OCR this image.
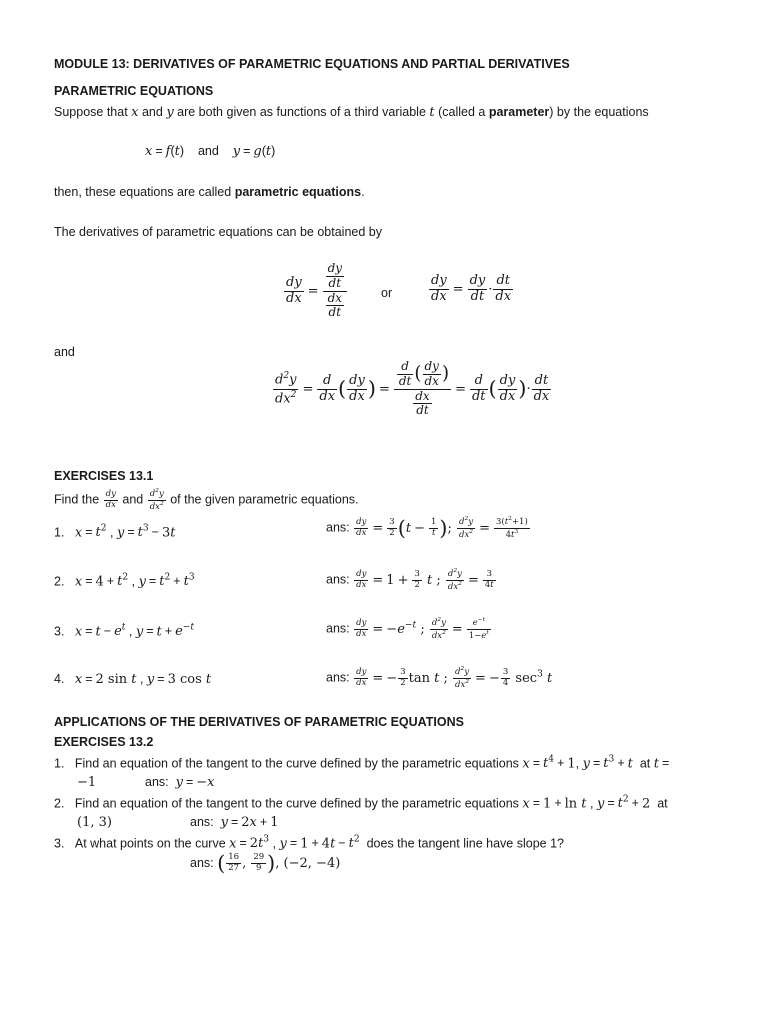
MODULE 13: DERIVATIVES OF PARAMETRIC EQUATIONS AND PARTIAL DERIVATIVES
PARAMETRIC EQUATIONS
Suppose that x and y are both given as functions of a third variable t (called a parameter) by the equations
x = f(t) and y = g(t)
then, these equations are called parametric equations.
The derivatives of parametric equations can be obtained by
$\frac{dy}{dx} = \frac{\frac{dy}{dt}}{\frac{dx}{dt}}$	or	$\frac{dy}{dx} = \frac{dy}{dt} \cdot \frac{dt}{dx}$
and
$\frac{d^2y}{dx^2} = \frac{d}{dx}$ ( $\frac{dy}{dx}$ ) = $\frac{\frac{d}{dt} ( \frac{dy}{dx} )}{\frac{dx}{dt}} = \frac{d}{dt}$ ( $\frac{dy}{dx}$ )· $\frac{dt}{dx}$
EXERCISES 13.1
Find the $\frac{dy}{dx}$ and $\frac{d^2y}{dx^2}$ of the given parametric equations.
1. $x = t^2$ , $y = t^3 - 3t$	ans: $\frac{dy}{dx} = \frac{3}{2} (t - \frac{1}{t}$ ); $\frac{d^2y}{dx^2} = \frac{3(t^2+1)}{4t^3}$
2. $x = 4 + t^2$ , $y = t^2 + t^3$	ans: $\frac{dy}{dx} = 1 + \frac{3}{2}$ t ; $\frac{d^2y}{dx^2} = \frac{3}{4t}$
3. $x = t - e^t$ , $y = t + e^{-t}$	ans: $\frac{dy}{dx} = -e^{-t}$ ; $\frac{d^2y}{dx^2} = \frac{e^{-t}}{1-e^t}$
4. x = 2 sin t , y = 3 cos t	ans: $\frac{dy}{dx}$ = − $\frac{3}{2}$ tan t ; $\frac{d^2y}{dx^2}$ = − $\frac{3}{4} \sec^3 t$
APPLICATIONS OF THE DERIVATIVES OF PARAMETRIC EQUATIONS
EXERCISES 13.2
1. Find an equation of the tangent to the curve defined by the parametric equations $x = t^4 + 1$, $y = t^3 + t$ at t =
−1	ans: y = −x
2. Find an equation of the tangent to the curve defined by the parametric equations x = 1 + ln t , $y = t^2 + 2$ at
(1, 3)	ans: y = 2x + 1
3. At what points on the curve $x = 2t^3$ , $y = 1 + 4t - t^2$  does the tangent line have slope 1?
ans: ( $\frac{16}{27}$ , $\frac{29}{9}$ ), (−2, −4)
